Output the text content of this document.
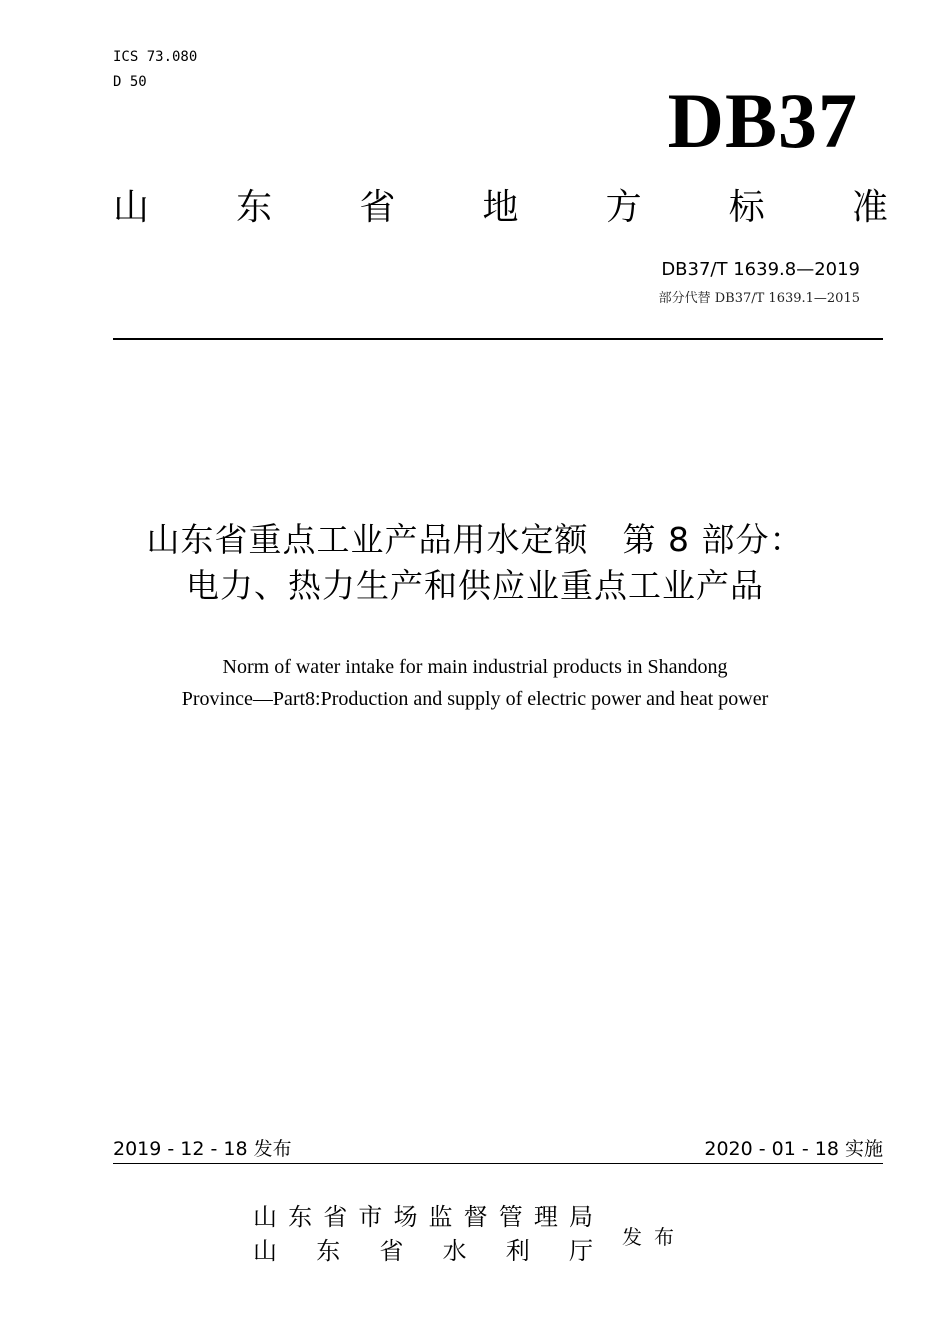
ICS 73.080
D 50	DB37
山 东 省 地 方 标 准
DB37/T 1639.8—2019
部分代替 DB37/T 1639.1—2015
山东省重点工业产品用水定额　第 8 部分：
电力、热力生产和供应业重点工业产品
Norm of water intake for main industrial products in Shandong
Province—Part8:Production and supply of electric power and heat power
2019 - 12 - 18 发布	2020 - 01 - 18 实施
山 东 省 市 场 监 督 管 理 局
山 东 省 水 利 厅 发布
